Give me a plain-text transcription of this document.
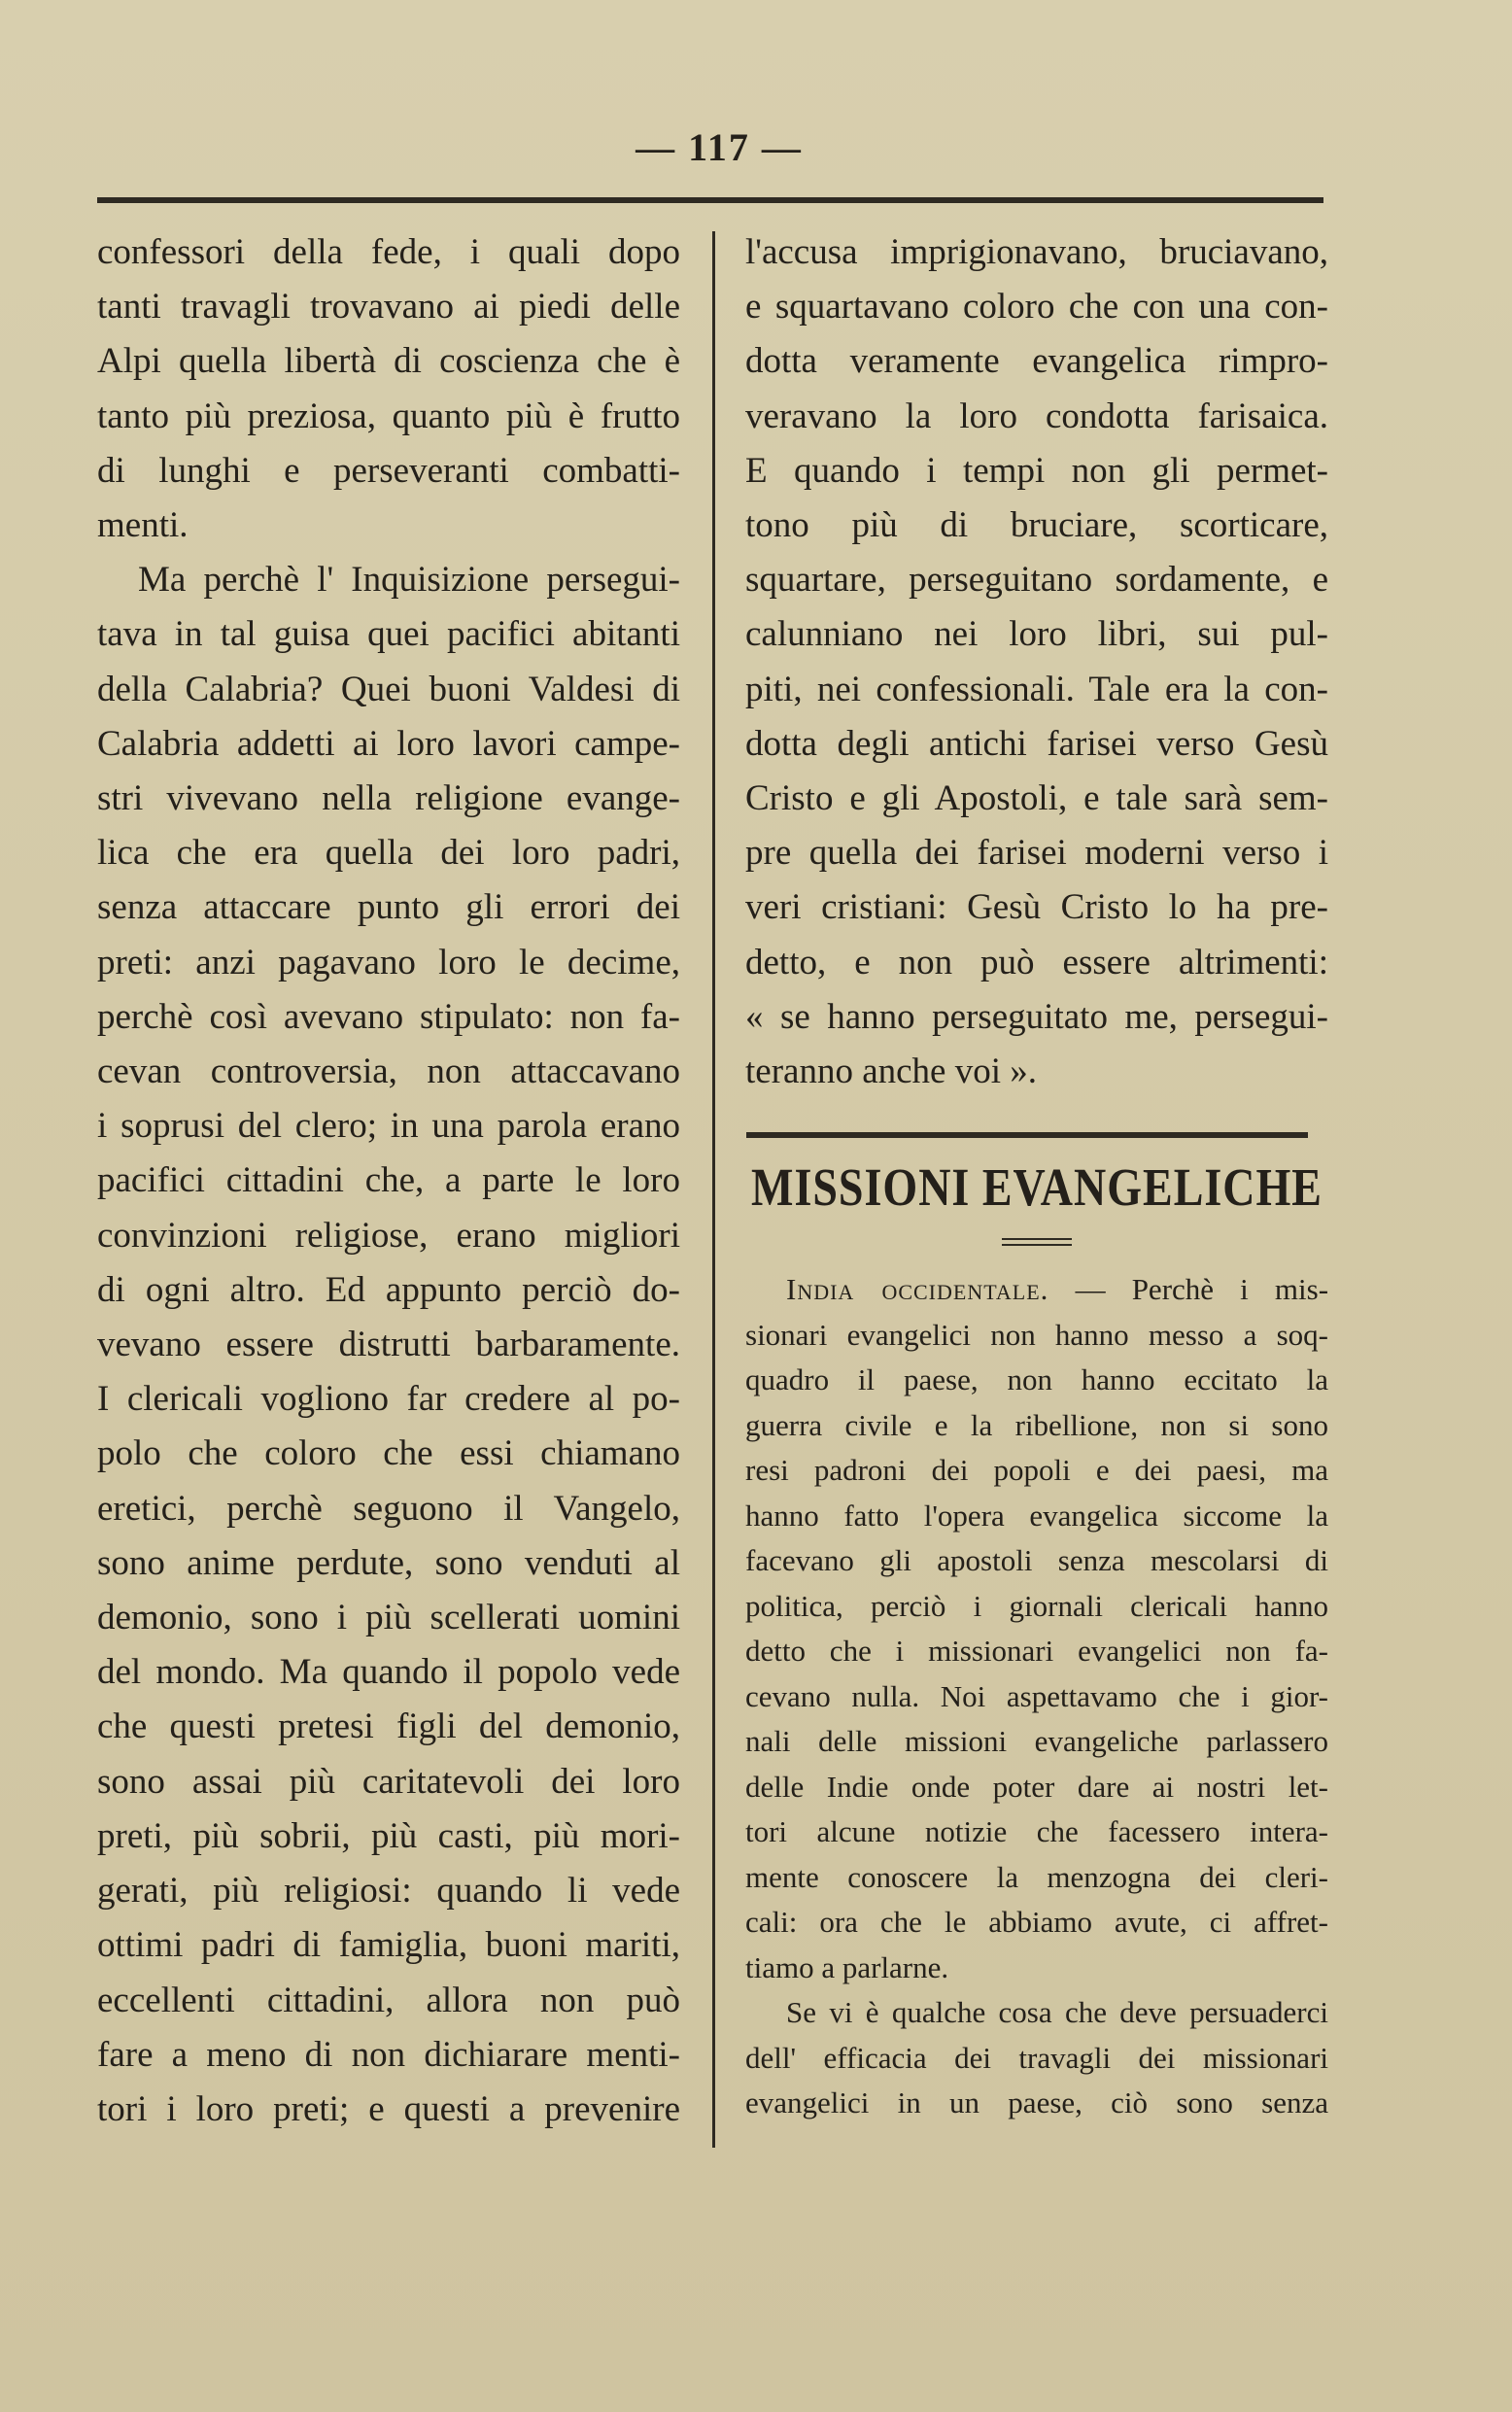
— 117 —
confessori della fede, i quali dopo
tanti travagli trovavano ai piedi delle
Alpi quella libertà di coscienza che è
tanto più preziosa, quanto più è frutto
di lunghi e perseveranti combatti-
menti.
Ma perchè l' Inquisizione persegui-
tava in tal guisa quei pacifici abitanti
della Calabria? Quei buoni Valdesi di
Calabria addetti ai loro lavori campe-
stri vivevano nella religione evange-
lica che era quella dei loro padri,
senza attaccare punto gli errori dei
preti: anzi pagavano loro le decime,
perchè così avevano stipulato: non fa-
cevan controversia, non attaccavano
i soprusi del clero; in una parola erano
pacifici cittadini che, a parte le loro
convinzioni religiose, erano migliori
di ogni altro. Ed appunto perciò do-
vevano essere distrutti barbaramente.
I clericali vogliono far credere al po-
polo che coloro che essi chiamano
eretici, perchè seguono il Vangelo,
sono anime perdute, sono venduti al
demonio, sono i più scellerati uomini
del mondo. Ma quando il popolo vede
che questi pretesi figli del demonio,
sono assai più caritatevoli dei loro
preti, più sobrii, più casti, più mori-
gerati, più religiosi: quando li vede
ottimi padri di famiglia, buoni mariti,
eccellenti cittadini, allora non può
fare a meno di non dichiarare menti-
tori i loro preti; e questi a prevenire
l'accusa imprigionavano, bruciavano,
e squartavano coloro che con una con-
dotta veramente evangelica rimpro-
veravano la loro condotta farisaica.
E quando i tempi non gli permet-
tono più di bruciare, scorticare,
squartare, perseguitano sordamente, e
calunniano nei loro libri, sui pul-
piti, nei confessionali. Tale era la con-
dotta degli antichi farisei verso Gesù
Cristo e gli Apostoli, e tale sarà sem-
pre quella dei farisei moderni verso i
veri cristiani: Gesù Cristo lo ha pre-
detto, e non può essere altrimenti:
« se hanno perseguitato me, persegui-
teranno anche voi ».
MISSIONI EVANGELICHE
India occidentale. — Perchè i mis-
sionari evangelici non hanno messo a soq-
quadro il paese, non hanno eccitato la
guerra civile e la ribellione, non si sono
resi padroni dei popoli e dei paesi, ma
hanno fatto l'opera evangelica siccome la
facevano gli apostoli senza mescolarsi di
politica, perciò i giornali clericali hanno
detto che i missionari evangelici non fa-
cevano nulla. Noi aspettavamo che i gior-
nali delle missioni evangeliche parlassero
delle Indie onde poter dare ai nostri let-
tori alcune notizie che facessero intera-
mente conoscere la menzogna dei cleri-
cali: ora che le abbiamo avute, ci affret-
tiamo a parlarne.
Se vi è qualche cosa che deve persuaderci
dell' efficacia dei travagli dei missionari
evangelici in un paese, ciò sono senza
